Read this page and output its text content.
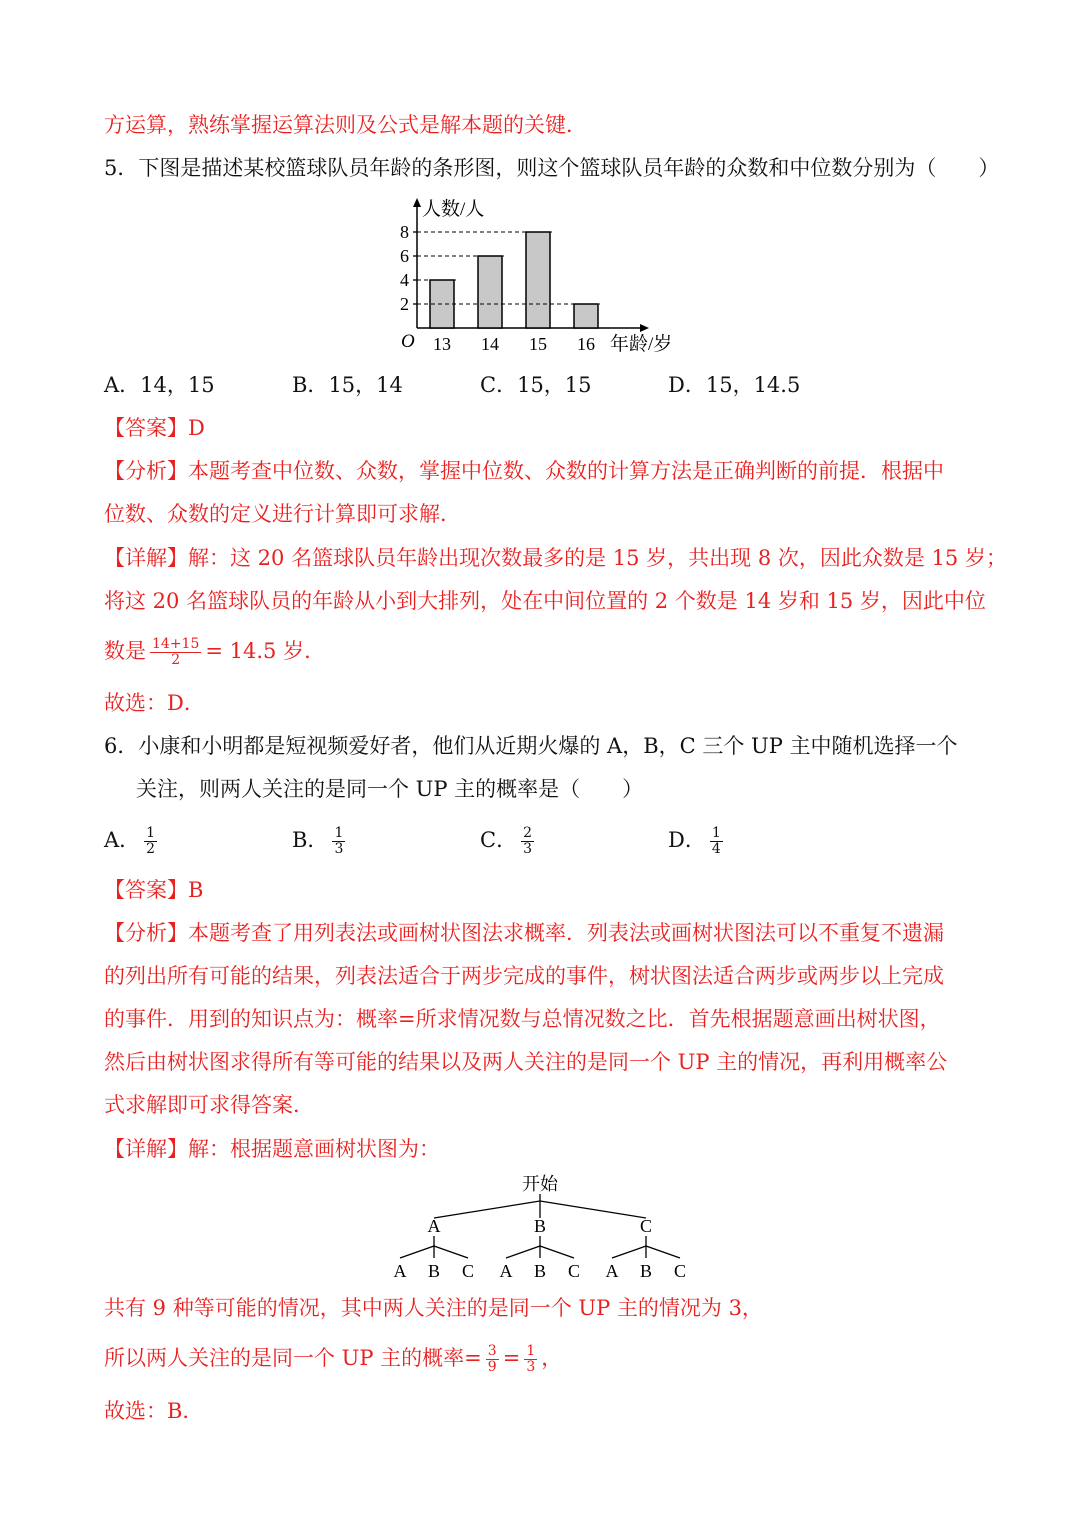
方运算，熟练掌握运算法则及公式是解本题的关键．
5．下图是描述某校篮球队员年龄的条形图，则这个篮球队员年龄的众数和中位数分别为（　　）
人数/人
年龄/岁
O
2
4
6
8
13 14 15 16
A．14，15	B．15，14	C．15，15	D．15，14.5
【答案】D
【分析】本题考查中位数、众数，掌握中位数、众数的计算方法是正确判断的前提．根据中
位数、众数的定义进行计算即可求解．
【详解】解：这 20 名篮球队员年龄出现次数最多的是 15 岁，共出现 8 次，因此众数是 15 岁；
将这 20 名篮球队员的年龄从小到大排列，处在中间位置的 2 个数是 14 岁和 15 岁，因此中位
数是 $\frac{14+15}{2} = 14.5$ 岁．
故选：D．
6．小康和小明都是短视频爱好者，他们从近期火爆的 A，B，C 三个 UP 主中随机选择一个
关注，则两人关注的是同一个 UP 主的概率是（　　）
A． $\frac{1}{2}$	B． $\frac{1}{3}$	C． $\frac{2}{3}$	D． $\frac{1}{4}$
【答案】B
【分析】本题考查了用列表法或画树状图法求概率．列表法或画树状图法可以不重复不遗漏
的列出所有可能的结果，列表法适合于两步完成的事件，树状图法适合两步或两步以上完成
的事件．用到的知识点为：概率=所求情况数与总情况数之比．首先根据题意画出树状图，
然后由树状图求得所有等可能的结果以及两人关注的是同一个 UP 主的情况，再利用概率公
式求解即可求得答案．
【详解】解：根据题意画树状图为：
开始
A	B	C
A B C A B C A B C
共有 9 种等可能的情况，其中两人关注的是同一个 UP 主的情况为 3，
所以两人关注的是同一个 UP 主的概率= $\frac{3}{9} = \frac{1}{3}$ ，
故选：B．
